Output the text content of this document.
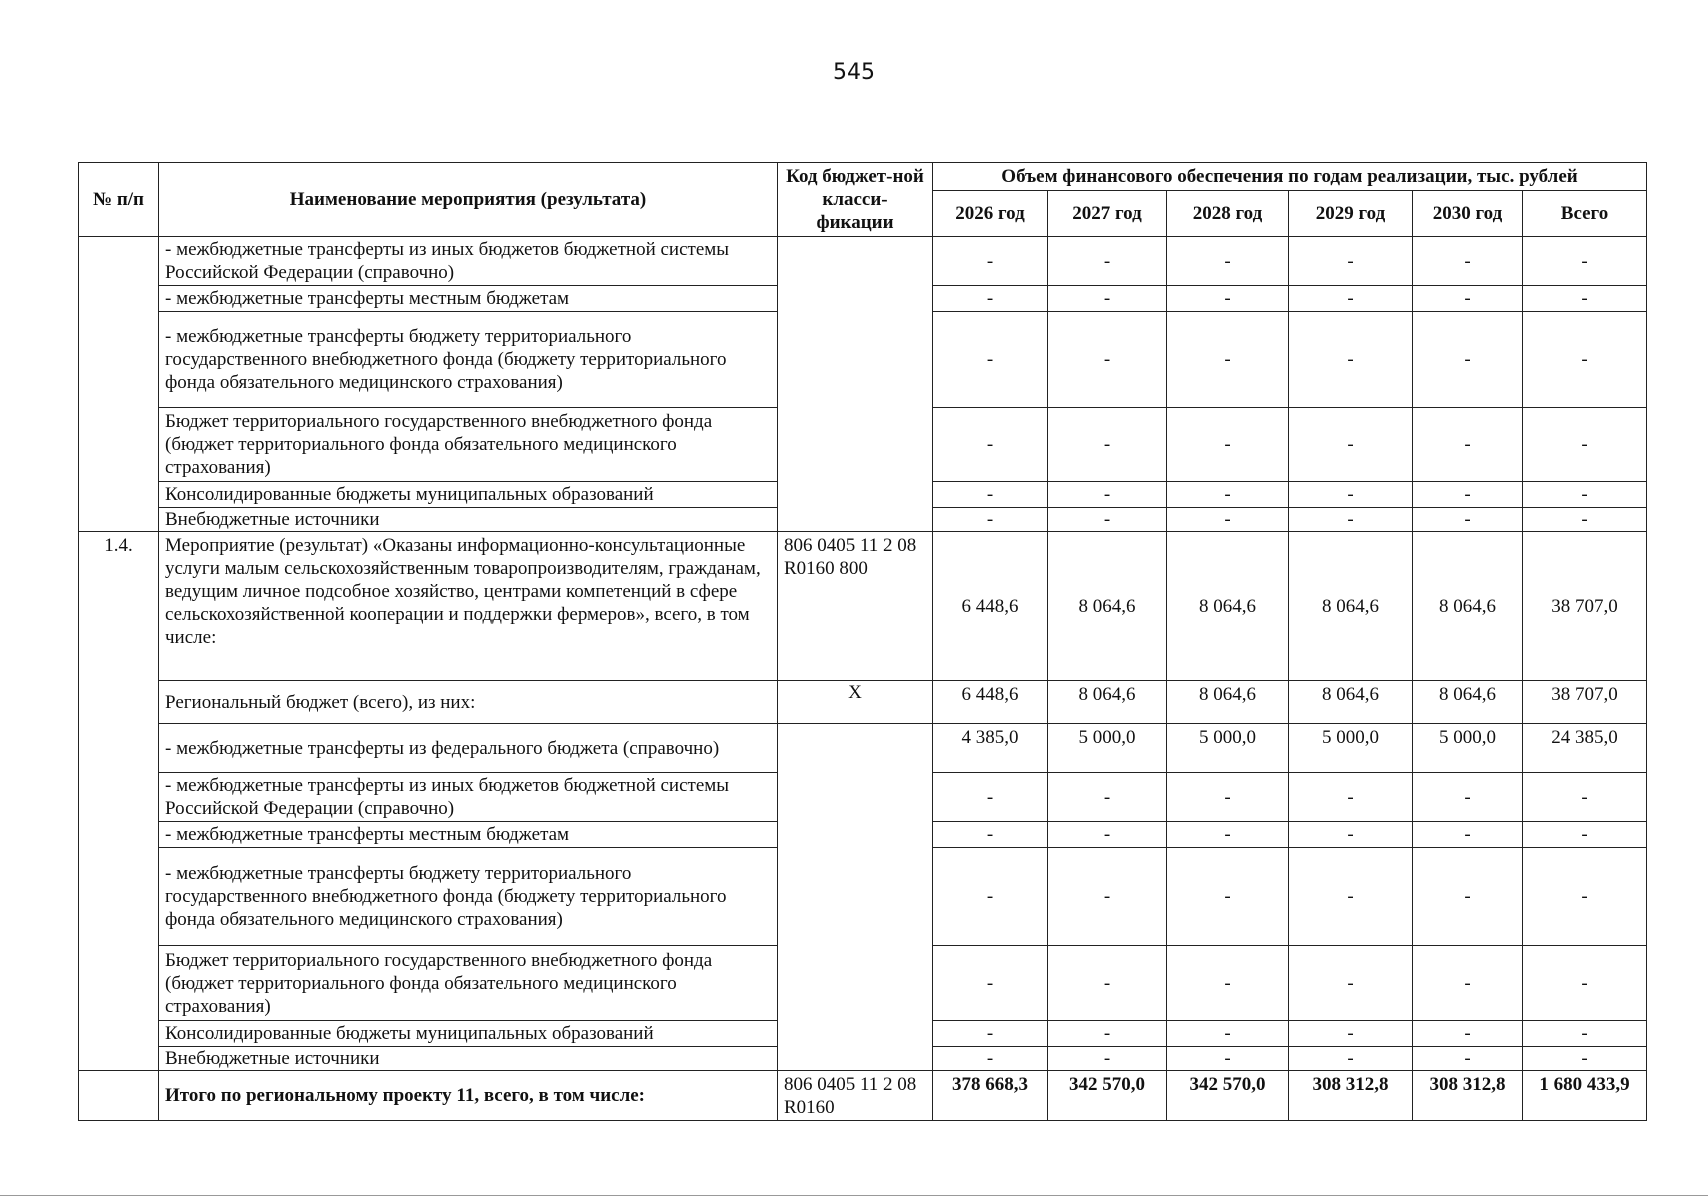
545
№ п/п	Наименование мероприятия (результата)	Код бюджет-ной класси-фикации	Объем финансового обеспечения по годам реализации, тыс. рублей					
			2026 год	2027 год	2028 год	2029 год	2030 год	Всего
	- межбюджетные трансферты из иных бюджетов бюджетной системы Российской Федерации (справочно)		-	-	-	-	-	-
	- межбюджетные трансферты местным бюджетам		-	-	-	-	-	-
	- межбюджетные трансферты бюджету территориального государственного внебюджетного фонда (бюджету территориального фонда обязательного медицинского страхования)		-	-	-	-	-	-
	Бюджет территориального государственного внебюджетного фонда (бюджет территориального фонда обязательного медицинского страхования)		-	-	-	-	-	-
	Консолидированные бюджеты муниципальных образований		-	-	-	-	-	-
	Внебюджетные источники		-	-	-	-	-	-
1.4.	Мероприятие (результат) «Оказаны информационно-консультационные услуги малым сельскохозяйственным товаропроизводителям, гражданам, ведущим личное подсобное хозяйство, центрами компетенций в сфере сельскохозяйственной кооперации и поддержки фермеров», всего, в том числе:	806 0405 11 2 08 R0160 800	6 448,6	8 064,6	8 064,6	8 064,6	8 064,6	38 707,0
	Региональный бюджет (всего), из них:	X	6 448,6	8 064,6	8 064,6	8 064,6	8 064,6	38 707,0
	- межбюджетные трансферты из федерального бюджета (справочно)		4 385,0	5 000,0	5 000,0	5 000,0	5 000,0	24 385,0
	- межбюджетные трансферты из иных бюджетов бюджетной системы Российской Федерации (справочно)		-	-	-	-	-	-
	- межбюджетные трансферты местным бюджетам		-	-	-	-	-	-
	- межбюджетные трансферты бюджету территориального государственного внебюджетного фонда (бюджету территориального фонда обязательного медицинского страхования)		-	-	-	-	-	-
	Бюджет территориального государственного внебюджетного фонда (бюджет территориального фонда обязательного медицинского страхования)		-	-	-	-	-	-
	Консолидированные бюджеты муниципальных образований		-	-	-	-	-	-
	Внебюджетные источники		-	-	-	-	-	-
	Итого по региональному проекту 11, всего, в том числе:	806 0405 11 2 08 R0160	378 668,3	342 570,0	342 570,0	308 312,8	308 312,8	1 680 433,9
